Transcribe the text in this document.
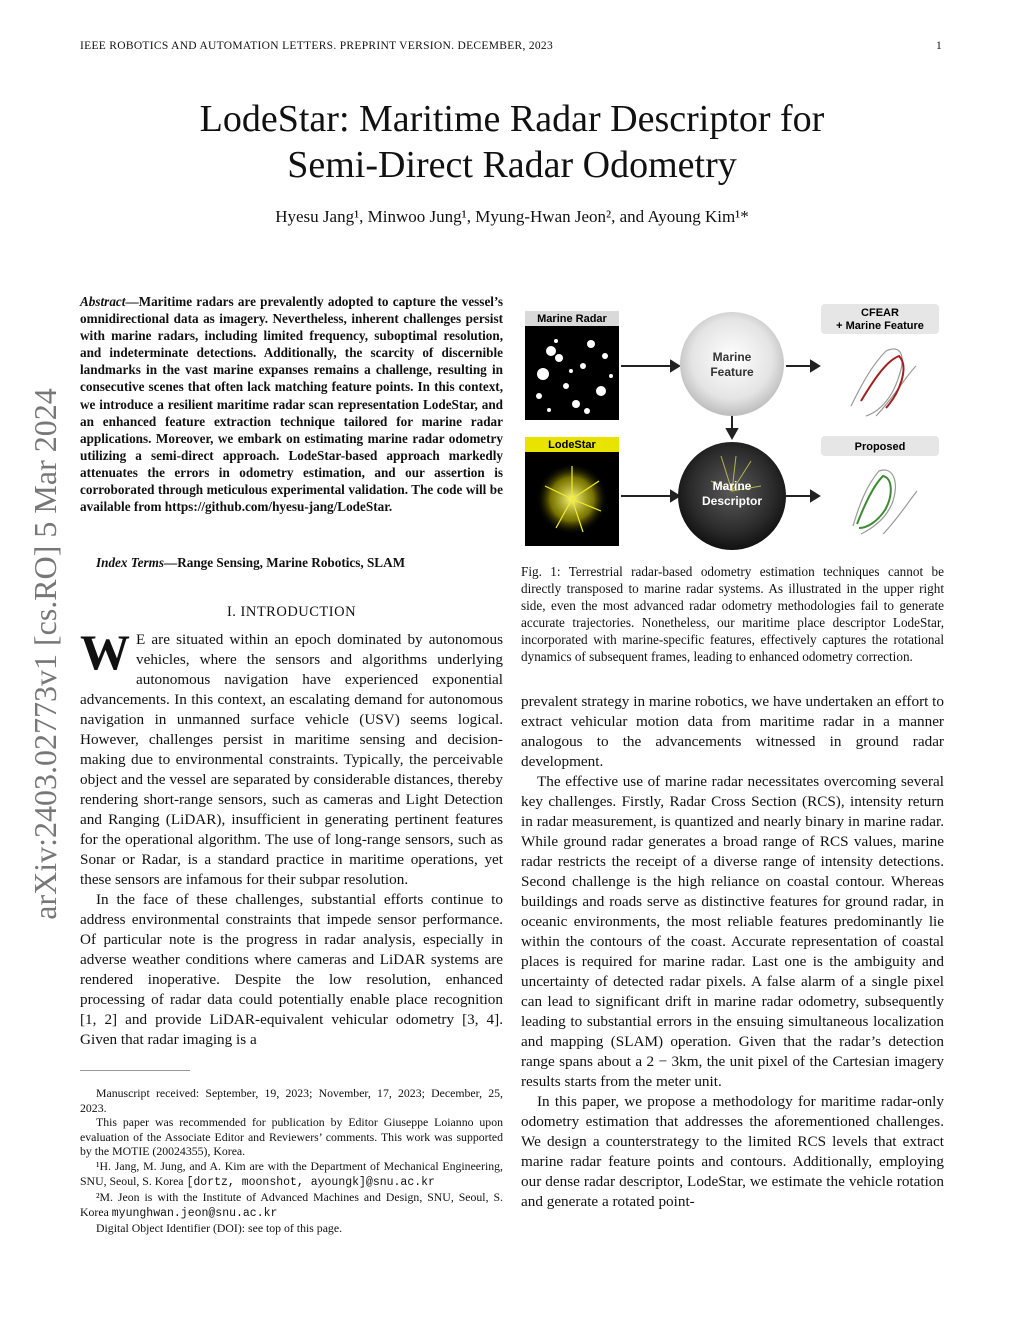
IEEE ROBOTICS AND AUTOMATION LETTERS. PREPRINT VERSION. DECEMBER, 2023	1
LodeStar: Maritime Radar Descriptor for
Semi-Direct Radar Odometry
Hyesu Jang¹, Minwoo Jung¹, Myung-Hwan Jeon², and Ayoung Kim¹*
arXiv:2403.02773v1 [cs.RO] 5 Mar 2024
Abstract—Maritime radars are prevalently adopted to capture the vessel’s omnidirectional data as imagery. Nevertheless, inherent challenges persist with marine radars, including limited frequency, suboptimal resolution, and indeterminate detections. Additionally, the scarcity of discernible landmarks in the vast marine expanses remains a challenge, resulting in consecutive scenes that often lack matching feature points. In this context, we introduce a resilient maritime radar scan representation LodeStar, and an enhanced feature extraction technique tailored for marine radar applications. Moreover, we embark on estimating marine radar odometry utilizing a semi-direct approach. LodeStar-based approach markedly attenuates the errors in odometry estimation, and our assertion is corroborated through meticulous experimental validation. The code will be available from https://github.com/hyesu-jang/LodeStar.
Index Terms—Range Sensing, Marine Robotics, SLAM
I. INTRODUCTION
W E are situated within an epoch dominated by autonomous vehicles, where the sensors and algorithms underlying autonomous navigation have experienced exponential advancements. In this context, an escalating demand for autonomous navigation in unmanned surface vehicle (USV) seems logical. However, challenges persist in maritime sensing and decision-making due to environmental constraints. Typically, the perceivable object and the vessel are separated by considerable distances, thereby rendering short-range sensors, such as cameras and Light Detection and Ranging (LiDAR), insufficient in generating pertinent features for the operational algorithm. The use of long-range sensors, such as Sonar or Radar, is a standard practice in maritime operations, yet these sensors are infamous for their subpar resolution.
In the face of these challenges, substantial efforts continue to address environmental constraints that impede sensor performance. Of particular note is the progress in radar analysis, especially in adverse weather conditions where cameras and LiDAR systems are rendered inoperative. Despite the low resolution, enhanced processing of radar data could potentially enable place recognition [1, 2] and provide LiDAR-equivalent vehicular odometry [3, 4]. Given that radar imaging is a

Manuscript received: September, 19, 2023; November, 17, 2023; December, 25, 2023.

This paper was recommended for publication by Editor Giuseppe Loianno upon evaluation of the Associate Editor and Reviewers’ comments. This work was supported by the MOTIE (20024355), Korea.

¹H. Jang, M. Jung, and A. Kim are with the Department of Mechanical Engineering, SNU, Seoul, S. Korea [dortz, moonshot, ayoungk]@snu.ac.kr

²M. Jeon is with the Institute of Advanced Machines and Design, SNU, Seoul, S. Korea myunghwan.jeon@snu.ac.kr

Digital Object Identifier (DOI): see top of this page.

Marine Radar
LodeStar
Marine
Feature
Marine
Descriptor
CFEAR
+ Marine Feature
Proposed
Fig. 1: Terrestrial radar-based odometry estimation techniques cannot be directly transposed to marine radar systems. As illustrated in the upper right side, even the most advanced radar odometry methodologies fail to generate accurate trajectories. Nonetheless, our maritime place descriptor LodeStar, incorporated with marine-specific features, effectively captures the rotational dynamics of subsequent frames, leading to enhanced odometry correction.

prevalent strategy in marine robotics, we have undertaken an effort to extract vehicular motion data from maritime radar in a manner analogous to the advancements witnessed in ground radar development.

The effective use of marine radar necessitates overcoming several key challenges. Firstly, Radar Cross Section (RCS), intensity return in radar measurement, is quantized and nearly binary in marine radar. While ground radar generates a broad range of RCS values, marine radar restricts the receipt of a diverse range of intensity detections. Second challenge is the high reliance on coastal contour. Whereas buildings and roads serve as distinctive features for ground radar, in oceanic environments, the most reliable features predominantly lie within the contours of the coast. Accurate representation of coastal places is required for marine radar. Last one is the ambiguity and uncertainty of detected radar pixels. A false alarm of a single pixel can lead to significant drift in marine radar odometry, subsequently leading to substantial errors in the ensuing simultaneous localization and mapping (SLAM) operation. Given that the radar’s detection range spans about a 2 − 3km, the unit pixel of the Cartesian imagery results starts from the meter unit.

In this paper, we propose a methodology for maritime radar-only odometry estimation that addresses the aforementioned challenges. We design a counterstrategy to the limited RCS levels that extract marine radar feature points and contours. Additionally, employing our dense radar descriptor, LodeStar, we estimate the vehicle rotation and generate a rotated point-
